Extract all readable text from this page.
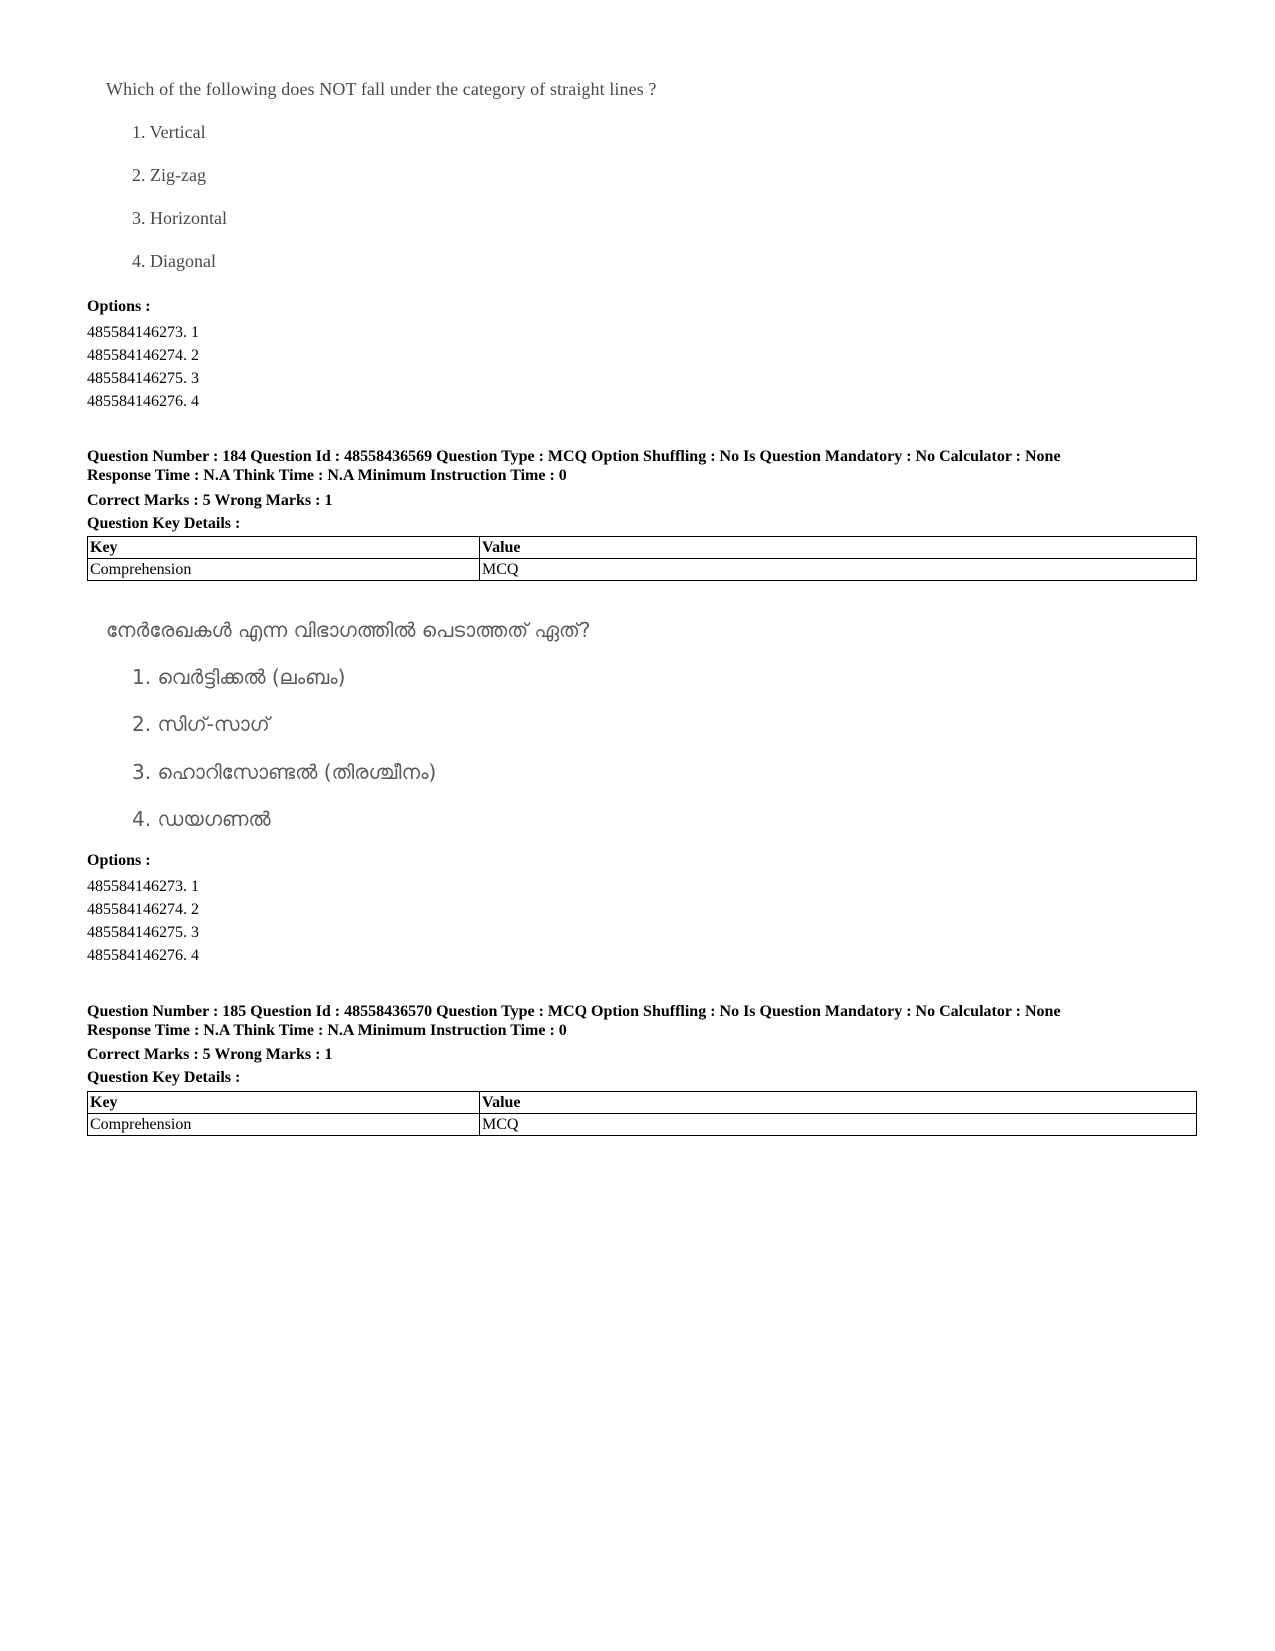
Which of the following does NOT fall under the category of straight lines ?
1. Vertical
2. Zig-zag
3. Horizontal
4. Diagonal
Options :
485584146273. 1
485584146274. 2
485584146275. 3
485584146276. 4
Question Number : 184 Question Id : 48558436569 Question Type : MCQ Option Shuffling : No Is Question Mandatory : No Calculator : None
Response Time : N.A Think Time : N.A Minimum Instruction Time : 0
Correct Marks : 5 Wrong Marks : 1
Question Key Details :
Key	Value
Comprehension	MCQ
നേർരേഖകൾ എന്ന വിഭാഗത്തിൽ പെടാത്തത് ഏത്?
1. വെർട്ടിക്കൽ (ലംബം)
2. സിഗ്-സാഗ്
3. ഹൊറിസോണ്ടൽ (തിരശ്ചീനം)
4. ഡയഗണൽ
Options :
485584146273. 1
485584146274. 2
485584146275. 3
485584146276. 4
Question Number : 185 Question Id : 48558436570 Question Type : MCQ Option Shuffling : No Is Question Mandatory : No Calculator : None
Response Time : N.A Think Time : N.A Minimum Instruction Time : 0
Correct Marks : 5 Wrong Marks : 1
Question Key Details :
Key	Value
Comprehension	MCQ
